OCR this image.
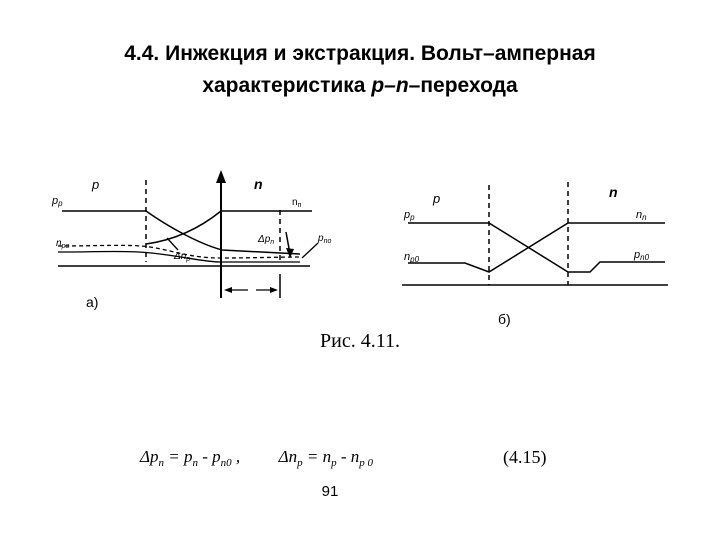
4.4. Инжекция и экстракция. Вольт–амперная
характеристика p–n–перехода
p	n
pр
$n_{pо}$
$n_п$
$\Delta p_n$
$\Delta n_p$
$p_{nо}$
а)
p	n
pp
np0
nn
pn0
б)
Рис. 4.11.
$\Delta p_n = p_n - p_{n0}$ , $\Delta n_p = n_p - n_{p 0}$	(4.15)
91
